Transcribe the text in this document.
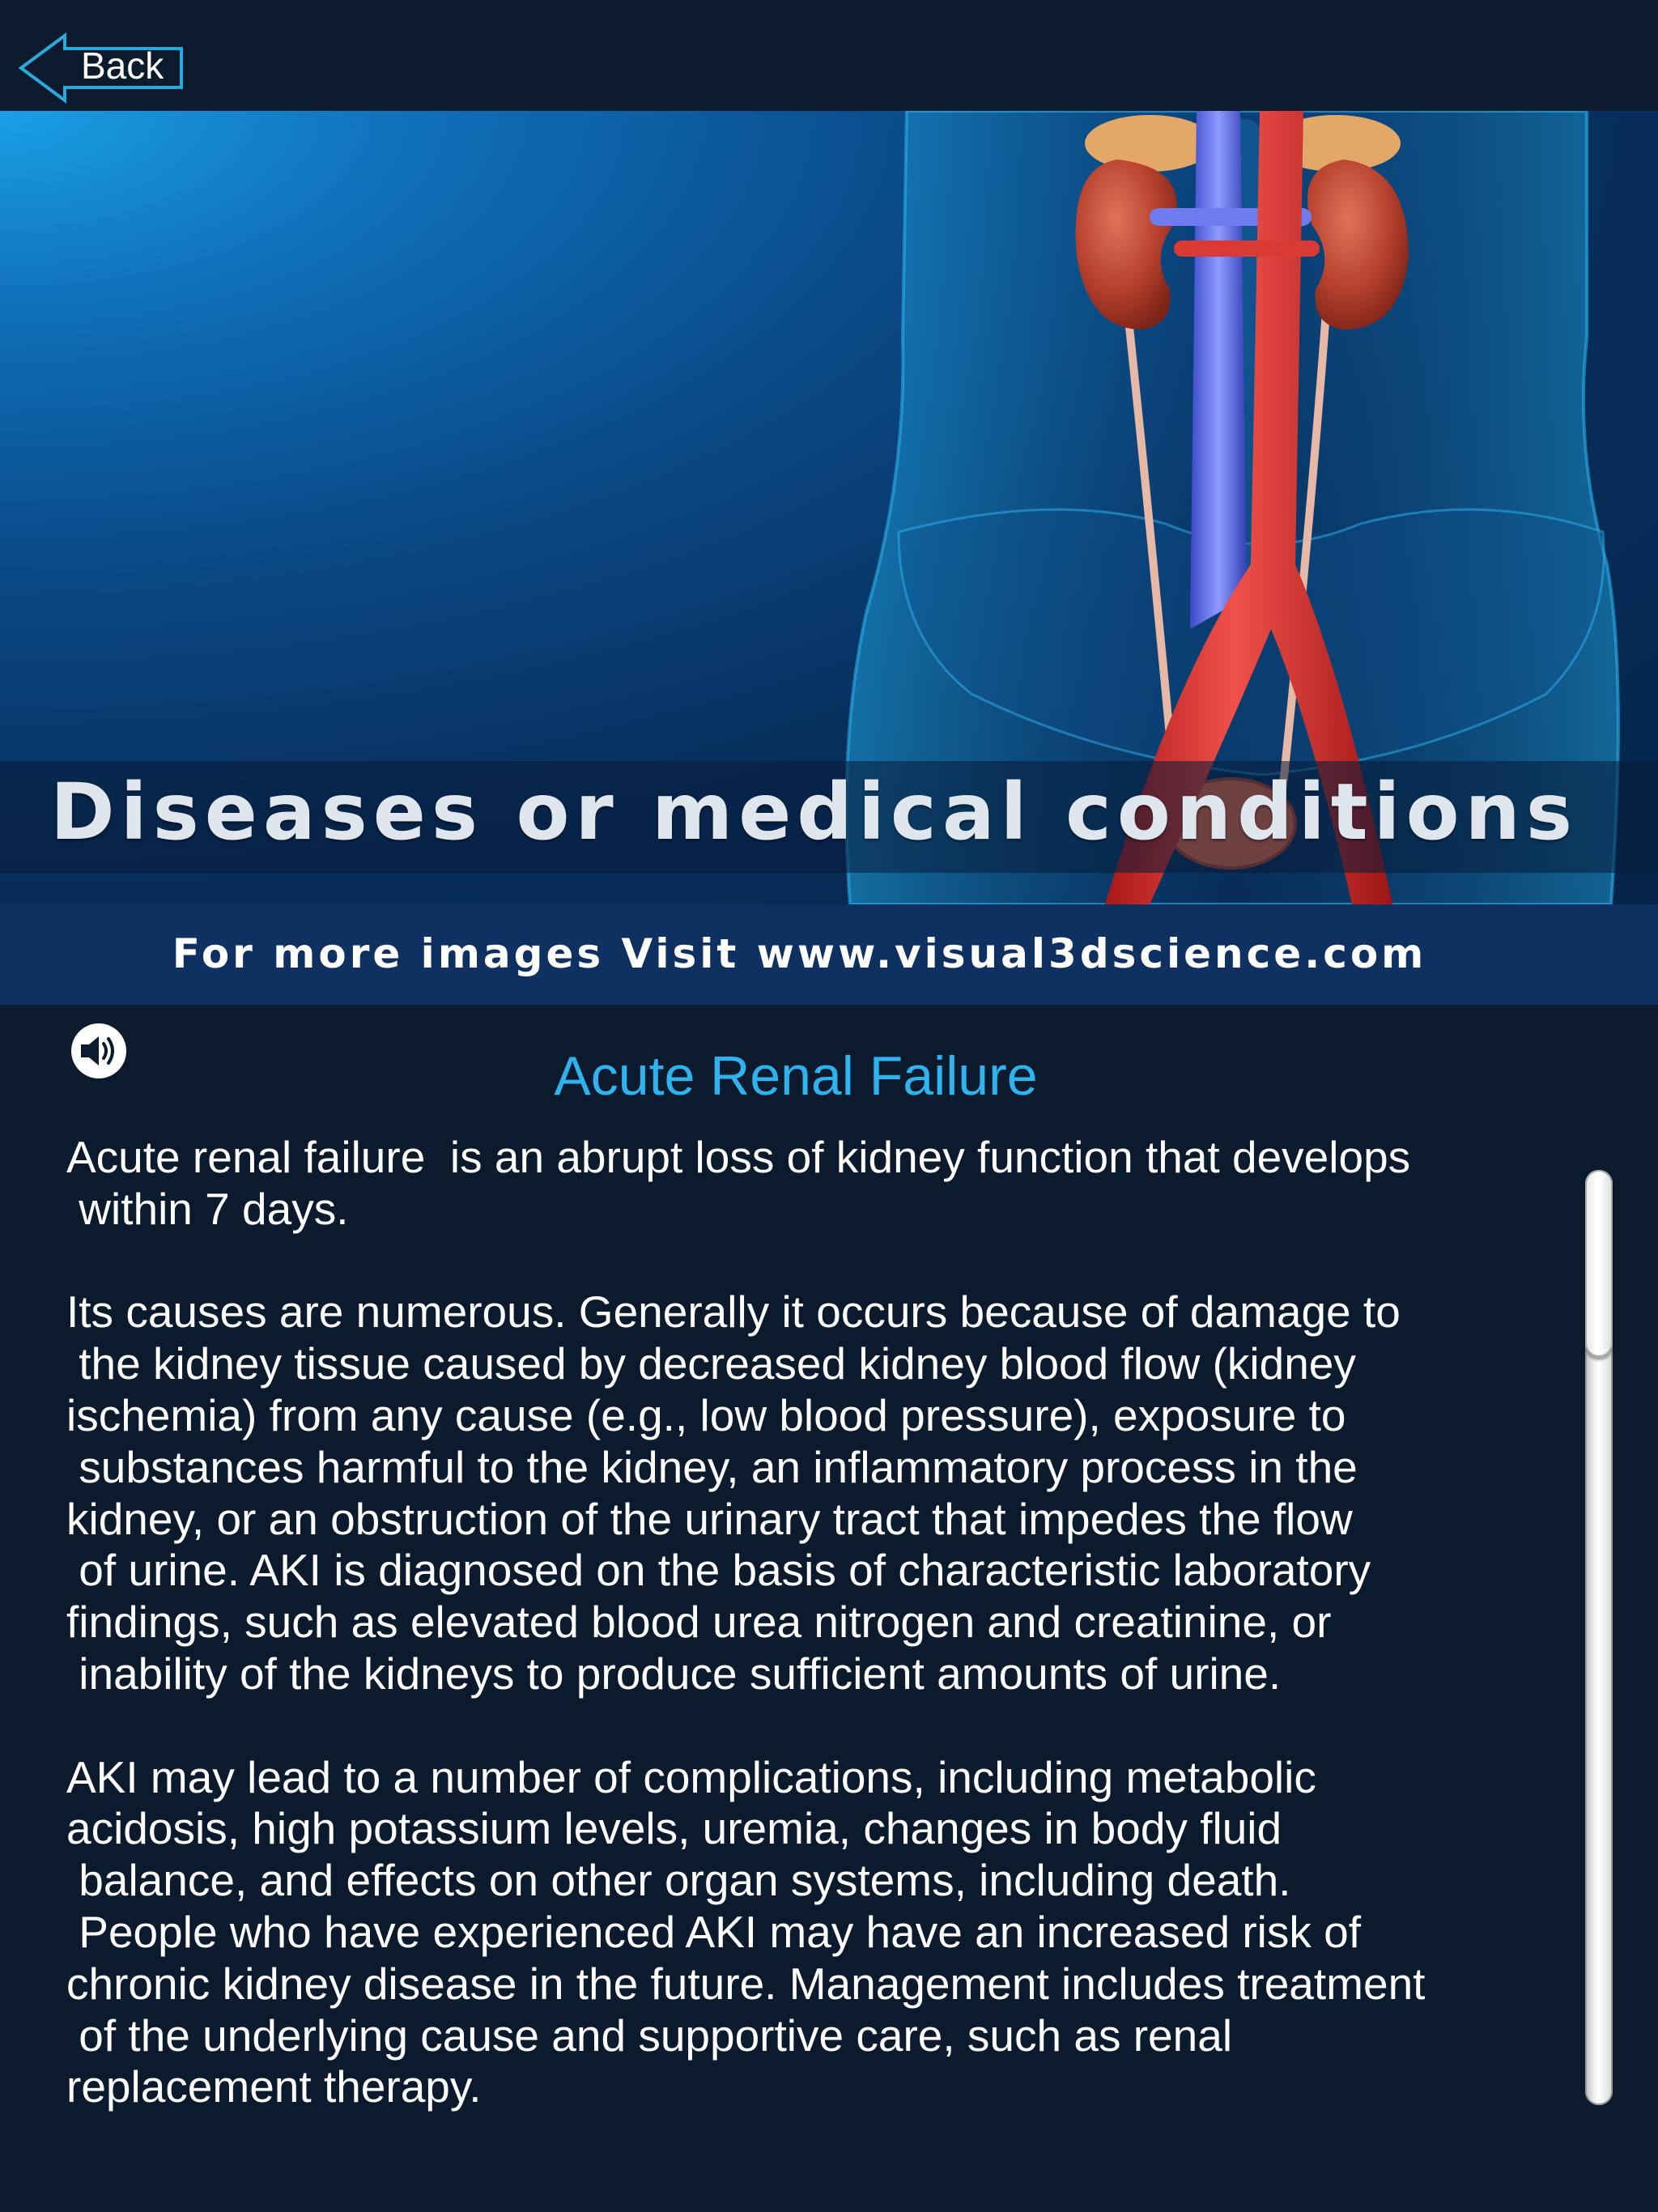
Back
Diseases or medical conditions
For more images Visit www.visual3dscience.com
Acute Renal Failure
Acute renal failure  is an abrupt loss of kidney function that develops
within 7 days.

Its causes are numerous. Generally it occurs because of damage to
the kidney tissue caused by decreased kidney blood flow (kidney
ischemia) from any cause (e.g., low blood pressure), exposure to
substances harmful to the kidney, an inflammatory process in the
kidney, or an obstruction of the urinary tract that impedes the flow
of urine. AKI is diagnosed on the basis of characteristic laboratory
findings, such as elevated blood urea nitrogen and creatinine, or
inability of the kidneys to produce sufficient amounts of urine.

AKI may lead to a number of complications, including metabolic
acidosis, high potassium levels, uremia, changes in body fluid
balance, and effects on other organ systems, including death.
People who have experienced AKI may have an increased risk of
chronic kidney disease in the future. Management includes treatment
of the underlying cause and supportive care, such as renal
replacement therapy.
